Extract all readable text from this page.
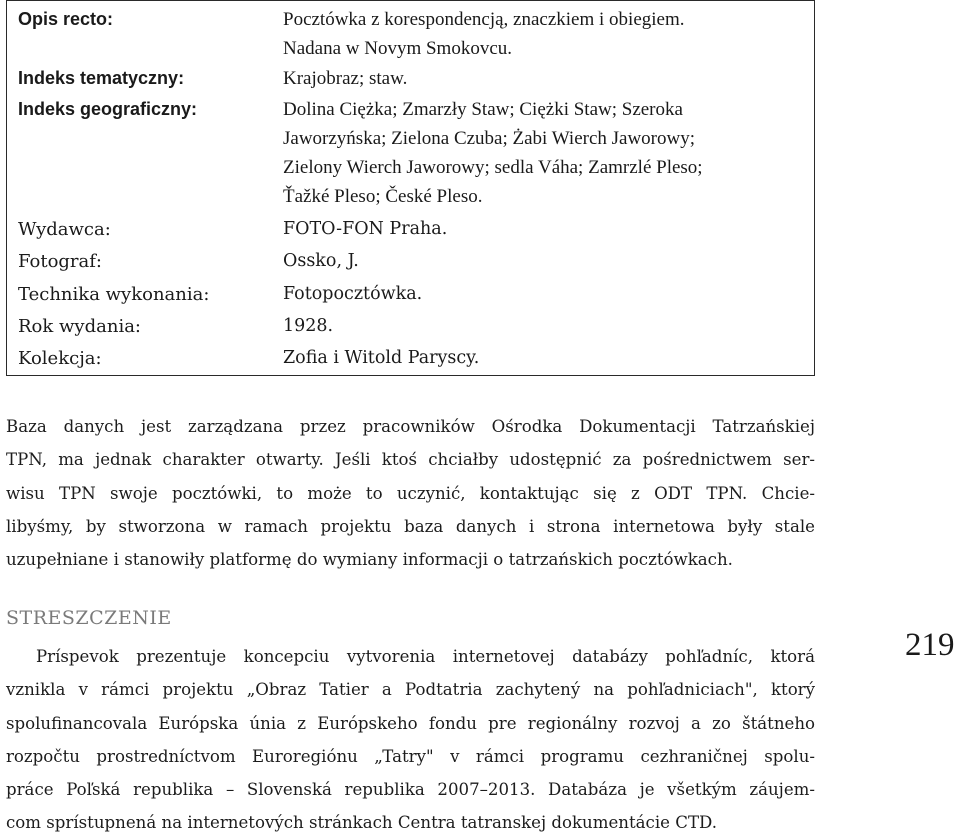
Opis recto:	Pocztówka z korespondencją, znaczkiem i obiegiem.
Nadana w Novym Smokovcu.
Indeks tematyczny:	Krajobraz; staw.
Indeks geograficzny:	Dolina Ciężka; Zmarzły Staw; Ciężki Staw; Szeroka
Jaworzyńska; Zielona Czuba; Żabi Wierch Jaworowy;
Zielony Wierch Jaworowy; sedla Váha; Zamrzlé Pleso;
Ťažké Pleso; České Pleso.
Wydawca:	FOTO-FON Praha.
Fotograf:	Ossko, J.
Technika wykonania:	Fotopocztówka.
Rok wydania:	1928.
Kolekcja:	Zofia i Witold Paryscy.
Baza danych jest zarządzana przez pracowników Ośrodka Dokumentacji Tatrzańskiej
TPN, ma jednak charakter otwarty. Jeśli ktoś chciałby udostępnić za pośrednictwem ser-
wisu TPN swoje pocztówki, to może to uczynić, kontaktując się z ODT TPN. Chcie-
libyśmy, by stworzona w ramach projektu baza danych i strona internetowa były stale
uzupełniane i stanowiły platformę do wymiany informacji o tatrzańskich pocztówkach.
STRESZCZENIE
Príspevok prezentuje koncepciu vytvorenia internetovej databázy pohľadníc, ktorá
vznikla v rámci projektu „Obraz Tatier a Podtatria zachytený na pohľadniciach", ktorý
spolufinancovala Európska únia z Európskeho fondu pre regionálny rozvoj a zo štátneho
rozpočtu prostredníctvom Euroregiónu „Tatry" v rámci programu cezhraničnej spolu-
práce Poľská republika – Slovenská republika 2007–2013. Databáza je všetkým záujem-
com sprístupnená na internetových stránkach Centra tatranskej dokumentácie CTD.
219
